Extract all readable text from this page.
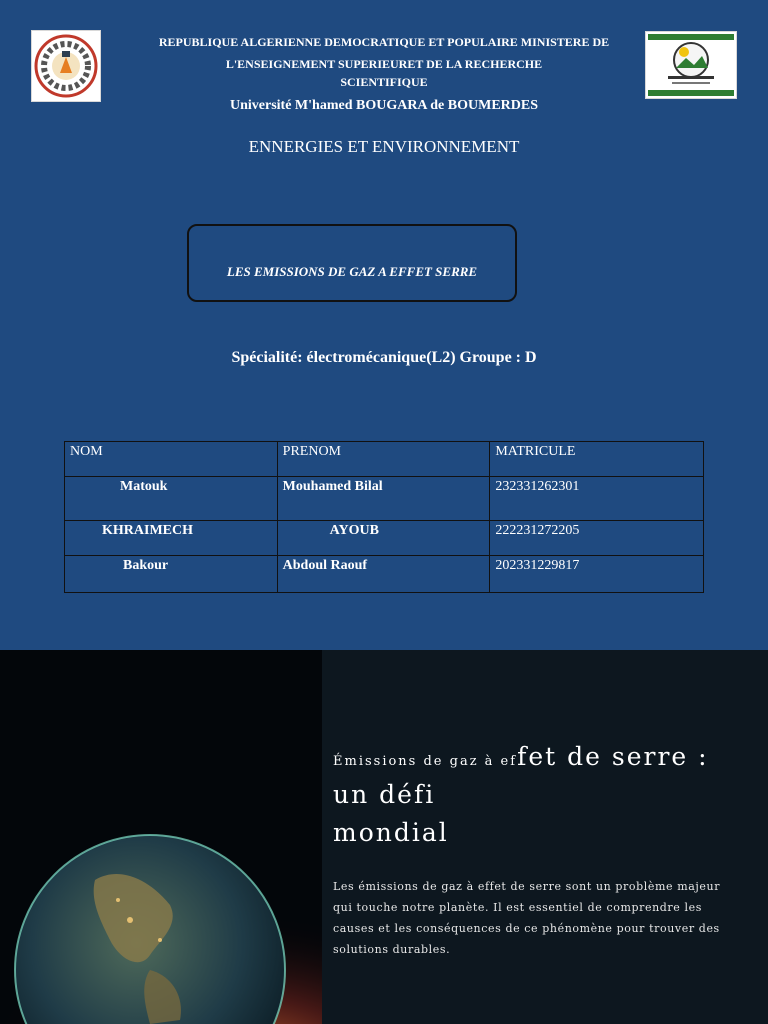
REPUBLIQUE ALGERIENNE DEMOCRATIQUE ET POPULAIRE MINISTERE DE
L'ENSEIGNEMENT SUPERIEURET DE LA RECHERCHE
SCIENTIFIQUE
Université M'hamed BOUGARA de BOUMERDES
ENNERGIES ET ENVIRONNEMENT
LES EMISSIONS DE GAZ A EFFET SERRE
Spécialité: électromécanique(L2) Groupe : D
NOM	PRENOM	MATRICULE
Matouk	Mouhamed Bilal	232331262301
KHRAIMECH	AYOUB	222231272205
Bakour	Abdoul Raouf	202331229817
Émissions de gaz à effet de serre :
un défi
mondial
Les émissions de gaz à effet de serre sont un problème majeur qui touche notre planète. Il est essentiel de comprendre les causes et les conséquences de ce phénomène pour trouver des solutions durables.
